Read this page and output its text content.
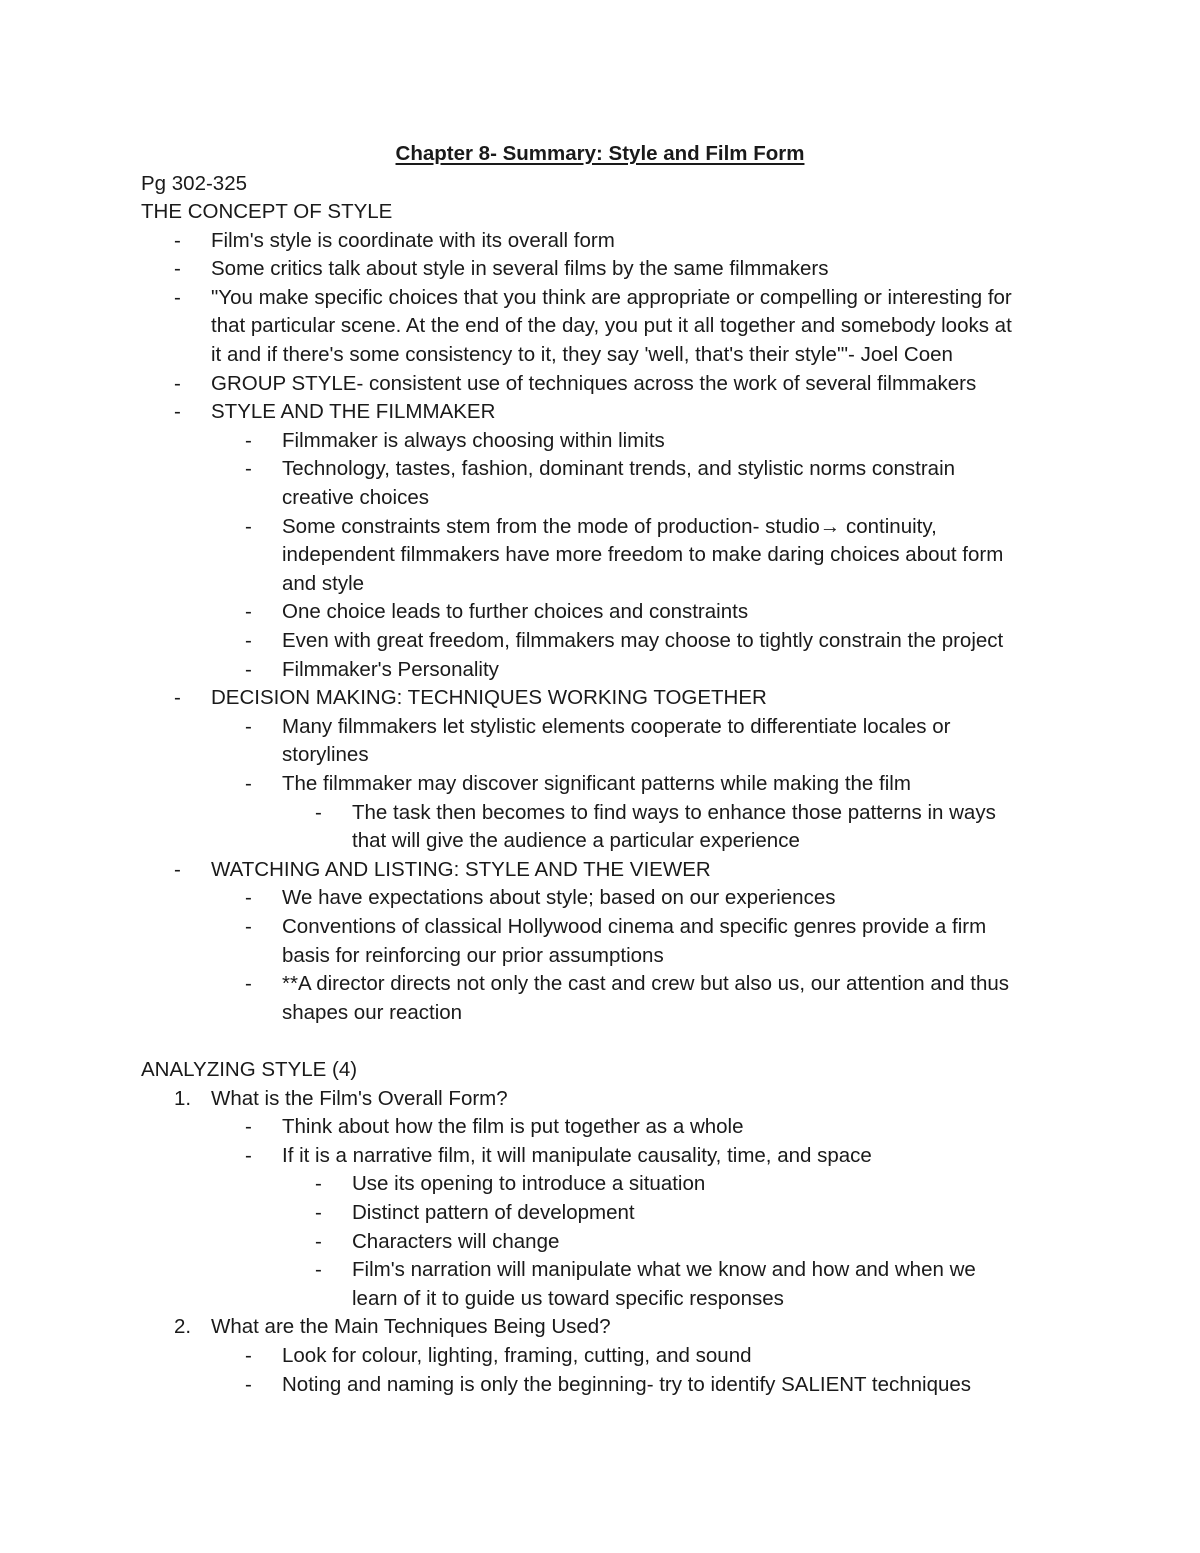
Chapter 8- Summary: Style and Film Form
Pg 302-325
THE CONCEPT OF STYLE
- Film's style is coordinate with its overall form
- Some critics talk about style in several films by the same filmmakers
- "You make specific choices that you think are appropriate or compelling or interesting for
that particular scene. At the end of the day, you put it all together and somebody looks at
it and if there's some consistency to it, they say 'well, that's their style'"- Joel Coen
- GROUP STYLE- consistent use of techniques across the work of several filmmakers
- STYLE AND THE FILMMAKER
- Filmmaker is always choosing within limits
- Technology, tastes, fashion, dominant trends, and stylistic norms constrain
creative choices
- Some constraints stem from the mode of production- studio→ continuity,
independent filmmakers have more freedom to make daring choices about form
and style
- One choice leads to further choices and constraints
- Even with great freedom, filmmakers may choose to tightly constrain the project
- Filmmaker's Personality
- DECISION MAKING: TECHNIQUES WORKING TOGETHER
- Many filmmakers let stylistic elements cooperate to differentiate locales or
storylines
- The filmmaker may discover significant patterns while making the film
- The task then becomes to find ways to enhance those patterns in ways
that will give the audience a particular experience
- WATCHING AND LISTING: STYLE AND THE VIEWER
- We have expectations about style; based on our experiences
- Conventions of classical Hollywood cinema and specific genres provide a firm
basis for reinforcing our prior assumptions
- **A director directs not only the cast and crew but also us, our attention and thus
shapes our reaction
ANALYZING STYLE (4)
1. What is the Film's Overall Form?
- Think about how the film is put together as a whole
- If it is a narrative film, it will manipulate causality, time, and space
- Use its opening to introduce a situation
- Distinct pattern of development
- Characters will change
- Film's narration will manipulate what we know and how and when we
learn of it to guide us toward specific responses
2. What are the Main Techniques Being Used?
- Look for colour, lighting, framing, cutting, and sound
- Noting and naming is only the beginning- try to identify SALIENT techniques
